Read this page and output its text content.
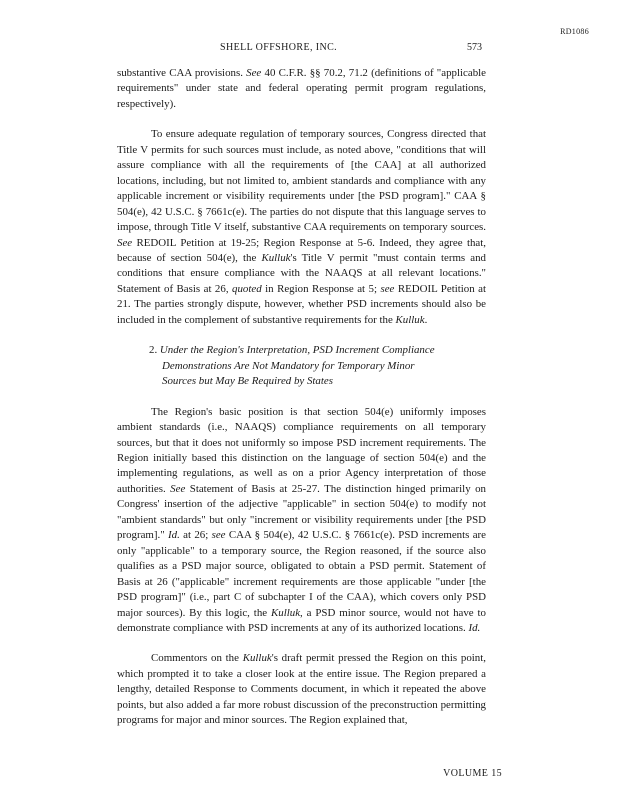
RD1086
SHELL OFFSHORE, INC.	573

substantive CAA provisions. See 40 C.F.R. §§ 70.2, 71.2 (definitions of "applicable requirements" under state and federal operating permit program regulations, respectively).

To ensure adequate regulation of temporary sources, Congress directed that Title V permits for such sources must include, as noted above, "conditions that will assure compliance with all the requirements of [the CAA] at all authorized locations, including, but not limited to, ambient standards and compliance with any applicable increment or visibility requirements under [the PSD program]." CAA § 504(e), 42 U.S.C. § 7661c(e). The parties do not dispute that this language serves to impose, through Title V itself, substantive CAA requirements on temporary sources. See REDOIL Petition at 19-25; Region Response at 5-6. Indeed, they agree that, because of section 504(e), the Kulluk's Title V permit "must contain terms and conditions that ensure compliance with the NAAQS at all relevant locations." Statement of Basis at 26, quoted in Region Response at 5; see REDOIL Petition at 21. The parties strongly dispute, however, whether PSD increments should also be included in the complement of substantive requirements for the Kulluk.

2. Under the Region's Interpretation, PSD Increment Compliance
Demonstrations Are Not Mandatory for Temporary Minor
Sources but May Be Required by States

The Region's basic position is that section 504(e) uniformly imposes ambient standards (i.e., NAAQS) compliance requirements on all temporary sources, but that it does not uniformly so impose PSD increment requirements. The Region initially based this distinction on the language of section 504(e) and the implementing regulations, as well as on a prior Agency interpretation of those authorities. See Statement of Basis at 25-27. The distinction hinged primarily on Congress' insertion of the adjective "applicable" in section 504(e) to modify not "ambient standards" but only "increment or visibility requirements under [the PSD program]." Id. at 26; see CAA § 504(e), 42 U.S.C. § 7661c(e). PSD increments are only "applicable" to a temporary source, the Region reasoned, if the source also qualifies as a PSD major source, obligated to obtain a PSD permit. Statement of Basis at 26 ("applicable" increment requirements are those applicable "under [the PSD program]" (i.e., part C of subchapter I of the CAA), which covers only PSD major sources). By this logic, the Kulluk, a PSD minor source, would not have to demonstrate compliance with PSD increments at any of its authorized locations. Id.

Commentors on the Kulluk's draft permit pressed the Region on this point, which prompted it to take a closer look at the entire issue. The Region prepared a lengthy, detailed Response to Comments document, in which it repeated the above points, but also added a far more robust discussion of the preconstruction permitting programs for major and minor sources. The Region explained that,

VOLUME 15
